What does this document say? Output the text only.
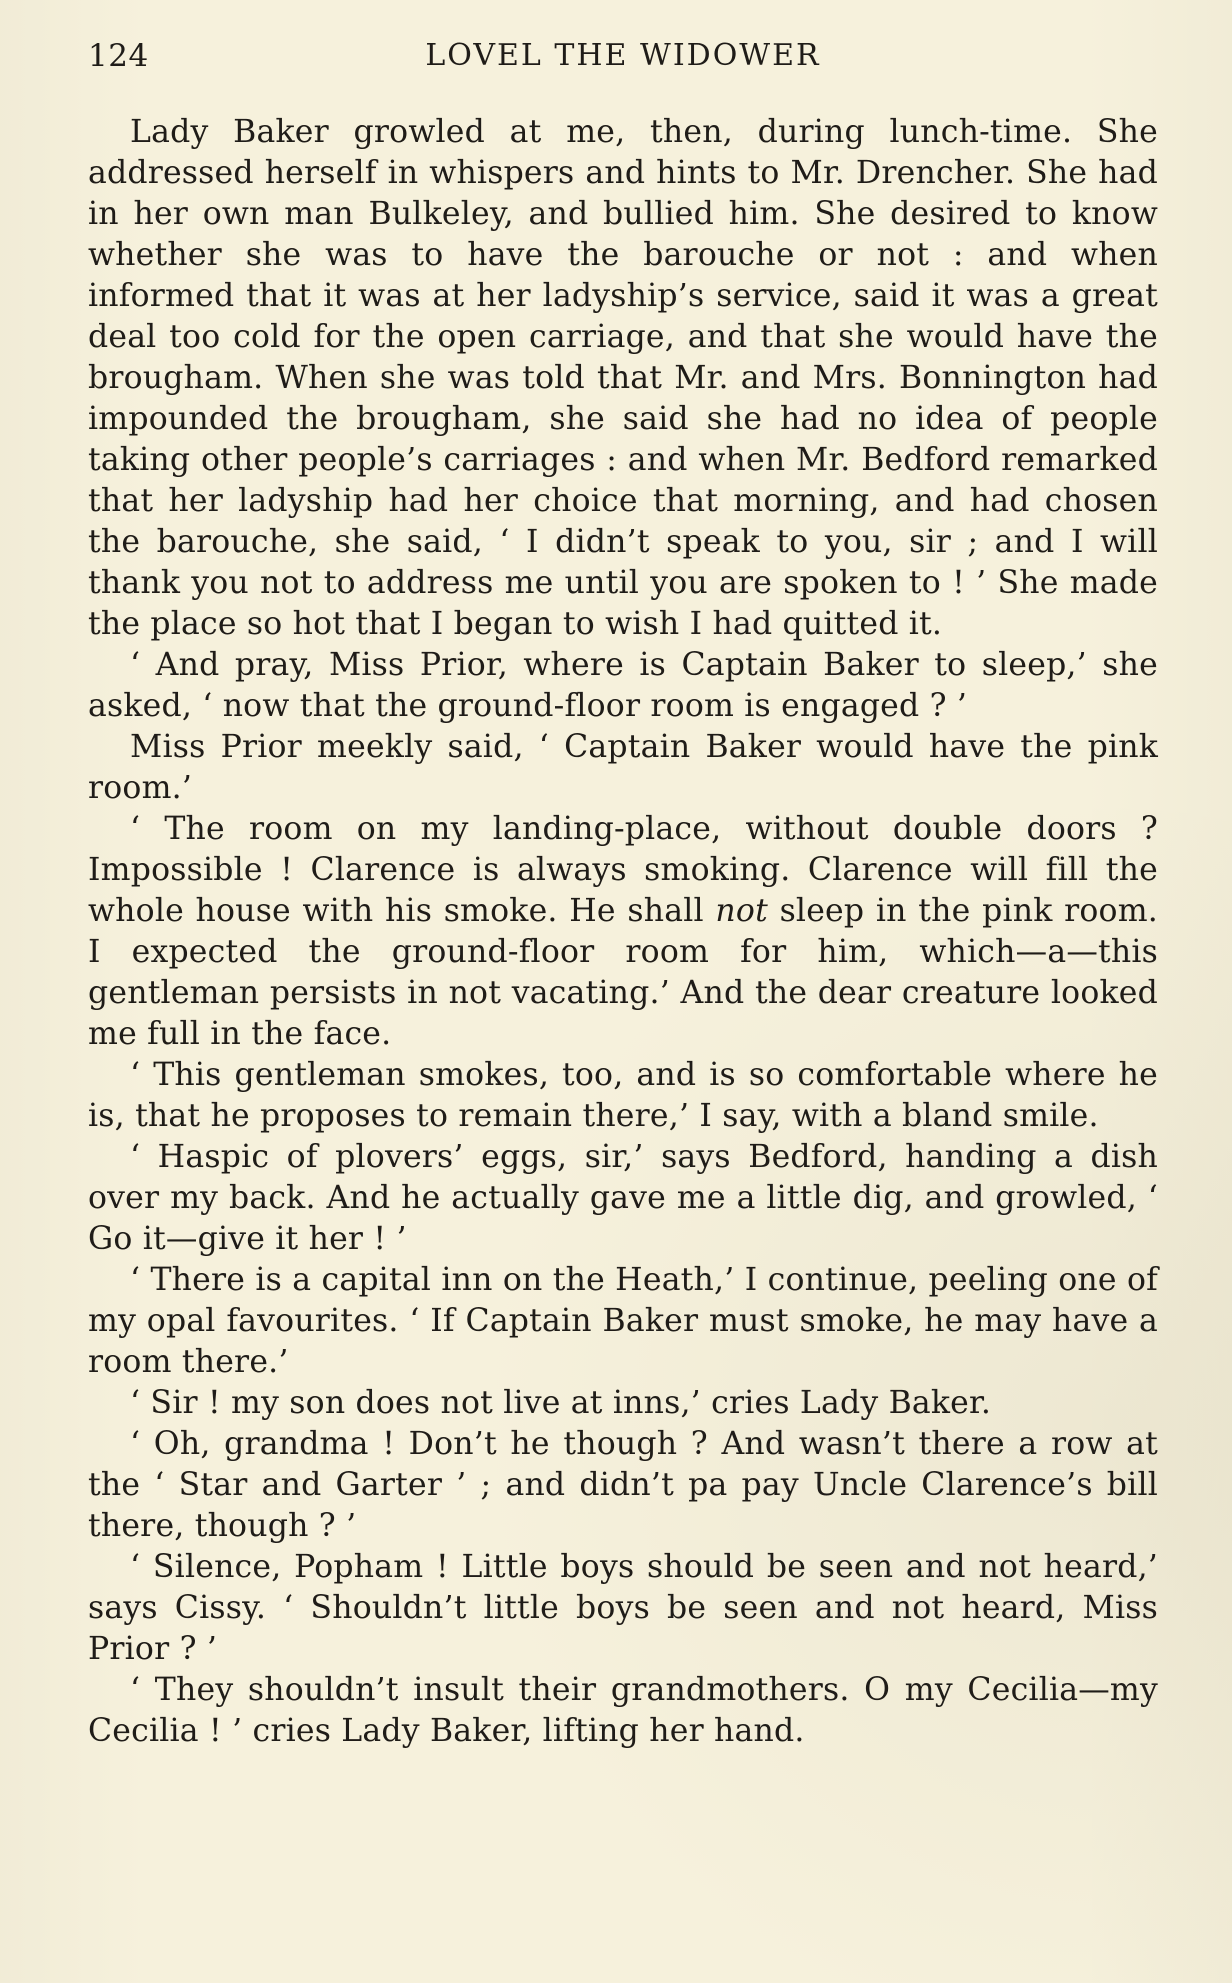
124	LOVEL THE WIDOWER

Lady Baker growled at me, then, during lunch-time. She addressed herself in whispers and hints to Mr. Drencher. She had in her own man Bulkeley, and bullied him. She desired to know whether she was to have the barouche or not : and when informed that it was at her ladyship’s service, said it was a great deal too cold for the open carriage, and that she would have the brougham. When she was told that Mr. and Mrs. Bonnington had impounded the brougham, she said she had no idea of people taking other people’s carriages : and when Mr. Bedford remarked that her ladyship had her choice that morning, and had chosen the barouche, she said, ‘ I didn’t speak to you, sir ; and I will thank you not to address me until you are spoken to ! ’ She made the place so hot that I began to wish I had quitted it.

‘ And pray, Miss Prior, where is Captain Baker to sleep,’ she asked, ‘ now that the ground-floor room is engaged ? ’

Miss Prior meekly said, ‘ Captain Baker would have the pink room.’

‘ The room on my landing-place, without double doors ? Impossible ! Clarence is always smoking. Clarence will fill the whole house with his smoke. He shall not sleep in the pink room. I expected the ground-floor room for him, which—a—this gentleman persists in not vacating.’ And the dear creature looked me full in the face.

‘ This gentleman smokes, too, and is so comfortable where he is, that he proposes to remain there,’ I say, with a bland smile.

‘ Haspic of plovers’ eggs, sir,’ says Bedford, handing a dish over my back. And he actually gave me a little dig, and growled, ‘ Go it—give it her ! ’

‘ There is a capital inn on the Heath,’ I continue, peeling one of my opal favourites. ‘ If Captain Baker must smoke, he may have a room there.’

‘ Sir ! my son does not live at inns,’ cries Lady Baker.

‘ Oh, grandma ! Don’t he though ? And wasn’t there a row at the ‘ Star and Garter ’ ; and didn’t pa pay Uncle Clarence’s bill there, though ? ’

‘ Silence, Popham ! Little boys should be seen and not heard,’ says Cissy. ‘ Shouldn’t little boys be seen and not heard, Miss Prior ? ’

‘ They shouldn’t insult their grandmothers. O my Cecilia—my Cecilia ! ’ cries Lady Baker, lifting her hand.
